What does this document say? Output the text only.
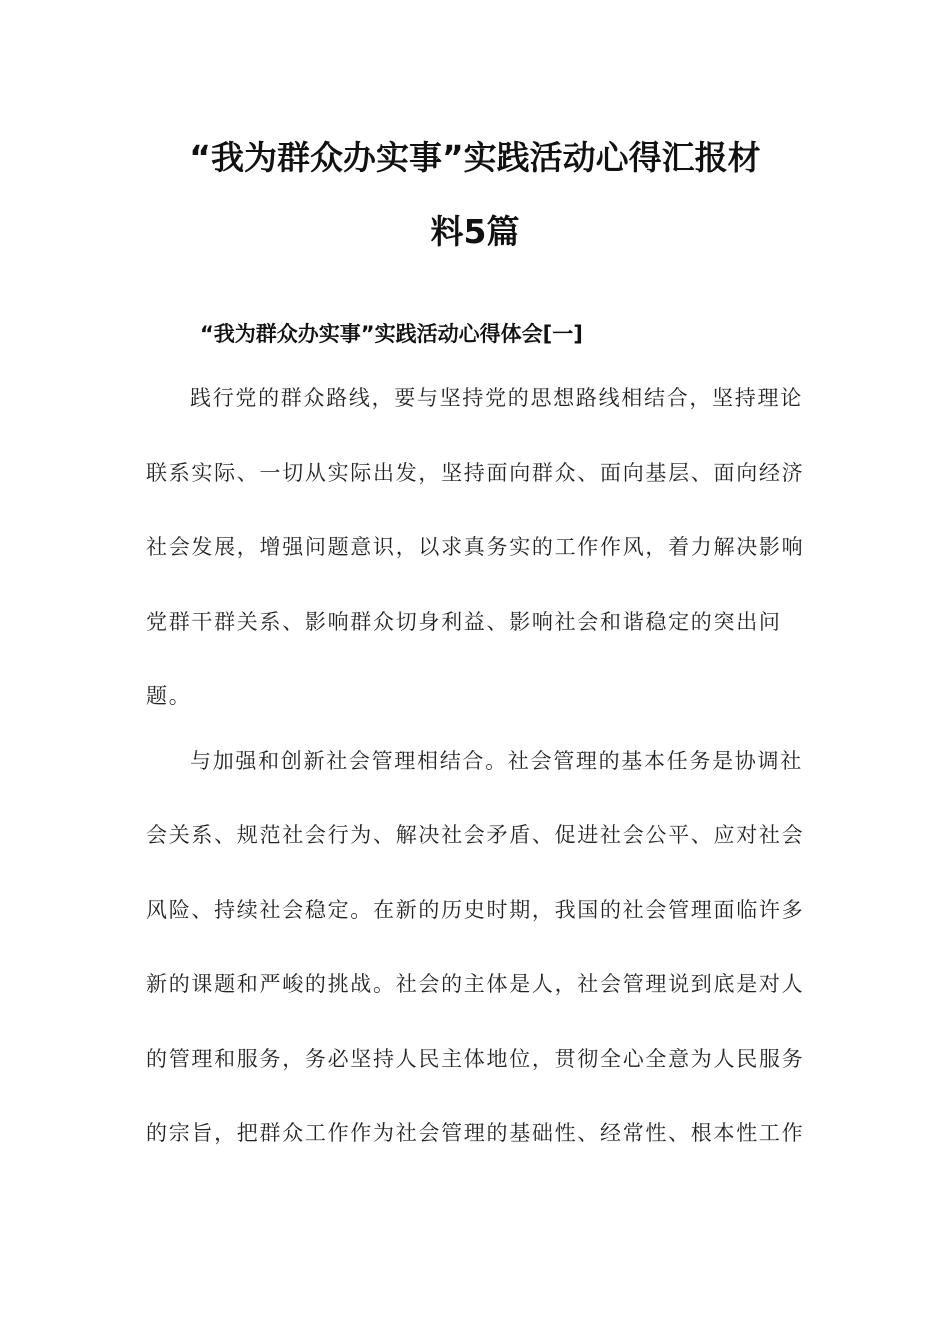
“我为群众办实事”实践活动心得汇报材
料5篇
“我为群众办实事”实践活动心得体会[一]
践行党的群众路线，要与坚持党的思想路线相结合，坚持理论
联系实际、一切从实际出发，坚持面向群众、面向基层、面向经济
社会发展，增强问题意识，以求真务实的工作作风，着力解决影响
党群干群关系、影响群众切身利益、影响社会和谐稳定的突出问
题。
与加强和创新社会管理相结合。社会管理的基本任务是协调社
会关系、规范社会行为、解决社会矛盾、促进社会公平、应对社会
风险、持续社会稳定。在新的历史时期，我国的社会管理面临许多
新的课题和严峻的挑战。社会的主体是人，社会管理说到底是对人
的管理和服务，务必坚持人民主体地位，贯彻全心全意为人民服务
的宗旨，把群众工作作为社会管理的基础性、经常性、根本性工作
